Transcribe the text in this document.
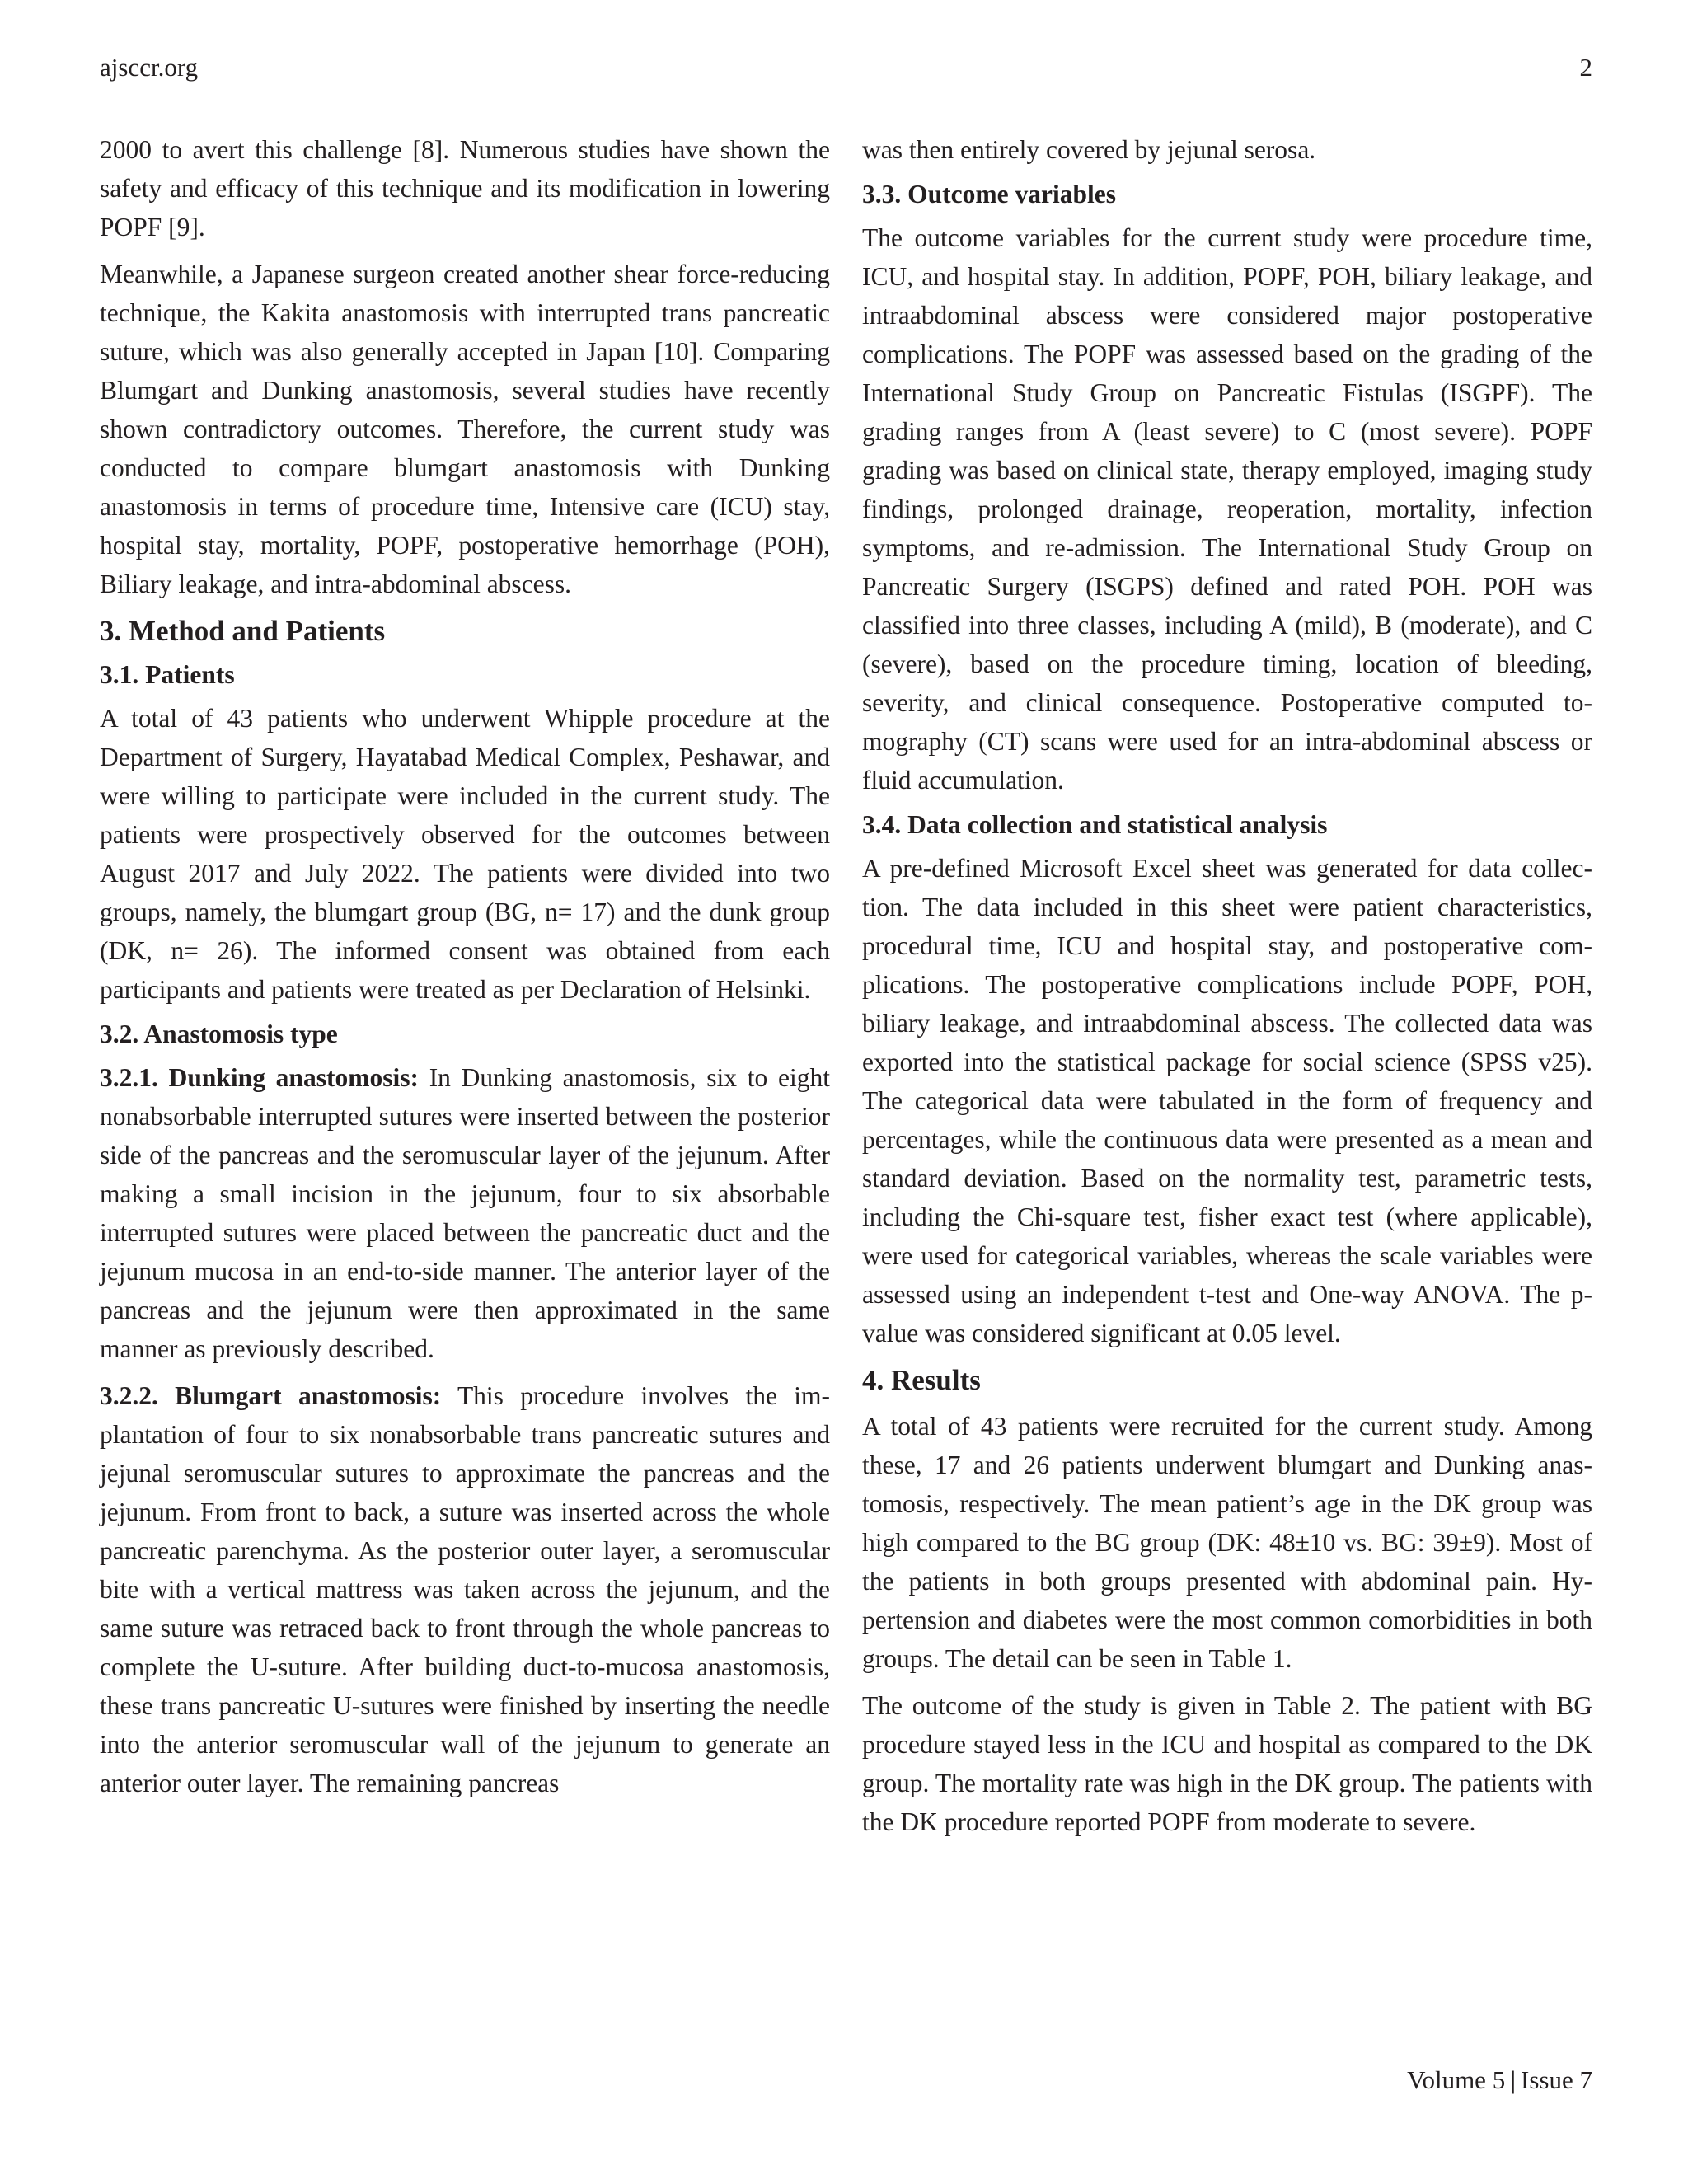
ajsccr.org	2

2000 to avert this challenge [8]. Numerous studies have shown the safety and efficacy of this technique and its modification in lowering POPF [9].

Meanwhile, a Japanese surgeon created another shear force-reducing technique, the Kakita anastomosis with interrupted trans pancreatic suture, which was also generally accepted in Japan [10]. Comparing Blumgart and Dunking anastomosis, several studies have recently shown contradictory outcomes. Therefore, the current study was conducted to compare blumgart anastomosis with Dunking anastomosis in terms of procedure time, Intensive care (ICU) stay, hospital stay, mortality, POPF, postoperative hemorrhage (POH), Biliary leakage, and intra-abdominal abscess.

3. Method and Patients
3.1. Patients

A total of 43 patients who underwent Whipple procedure at the Department of Surgery, Hayatabad Medical Complex, Peshawar, and were willing to participate were included in the current study. The patients were prospectively observed for the outcomes between August 2017 and July 2022. The patients were divided into two groups, namely, the blumgart group (BG, n= 17) and the dunk group (DK, n= 26). The informed consent was obtained from each participants and patients were treated as per Declaration of Helsinki.

3.2. Anastomosis type

3.2.1. Dunking anastomosis: In Dunking anastomosis, six to eight nonabsorbable interrupted sutures were inserted between the posterior side of the pancreas and the seromuscular layer of the jejunum. After making a small incision in the jejunum, four to six absorbable interrupted sutures were placed between the pancreatic duct and the jejunum mucosa in an end-to-side manner. The anterior layer of the pancreas and the jejunum were then approximated in the same manner as previously described.

3.2.2. Blumgart anastomosis: This procedure involves the implantation of four to six nonabsorbable trans pancreatic sutures and jejunal seromuscular sutures to approximate the pancreas and the jejunum. From front to back, a suture was inserted across the whole pancreatic parenchyma. As the posterior outer layer, a seromuscular bite with a vertical mattress was taken across the jejunum, and the same suture was retraced back to front through the whole pancreas to complete the U-suture. After building duct-to-mucosa anastomosis, these trans pancreatic U-sutures were finished by inserting the needle into the anterior seromuscular wall of the jejunum to generate an anterior outer layer. The remaining pancreas

was then entirely covered by jejunal serosa.

3.3. Outcome variables

The outcome variables for the current study were procedure time, ICU, and hospital stay. In addition, POPF, POH, biliary leakage, and intraabdominal abscess were considered major postoperative complications. The POPF was assessed based on the grading of the International Study Group on Pancreatic Fistulas (ISGPF). The grading ranges from A (least severe) to C (most severe). POPF grading was based on clinical state, therapy employed, imaging study findings, prolonged drainage, reoperation, mortality, infection symptoms, and re-admission. The International Study Group on Pancreatic Surgery (ISGPS) defined and rated POH. POH was classified into three classes, including A (mild), B (moderate), and C (severe), based on the procedure timing, location of bleeding, severity, and clinical consequence. Postoperative computed tomography (CT) scans were used for an intra-abdominal abscess or fluid accumulation.

3.4. Data collection and statistical analysis

A pre-defined Microsoft Excel sheet was generated for data collection. The data included in this sheet were patient characteristics, procedural time, ICU and hospital stay, and postoperative complications. The postoperative complications include POPF, POH, biliary leakage, and intraabdominal abscess. The collected data was exported into the statistical package for social science (SPSS v25). The categorical data were tabulated in the form of frequency and percentages, while the continuous data were presented as a mean and standard deviation. Based on the normality test, parametric tests, including the Chi-square test, fisher exact test (where applicable), were used for categorical variables, whereas the scale variables were assessed using an independent t-test and One-way ANOVA. The p-value was considered significant at 0.05 level.

4. Results

A total of 43 patients were recruited for the current study. Among these, 17 and 26 patients underwent blumgart and Dunking anastomosis, respectively. The mean patient’s age in the DK group was high compared to the BG group (DK: 48±10 vs. BG: 39±9). Most of the patients in both groups presented with abdominal pain. Hypertension and diabetes were the most common comorbidities in both groups. The detail can be seen in Table 1.

The outcome of the study is given in Table 2. The patient with BG procedure stayed less in the ICU and hospital as compared to the DK group. The mortality rate was high in the DK group. The patients with the DK procedure reported POPF from moderate to severe.

Volume 5 | Issue 7
